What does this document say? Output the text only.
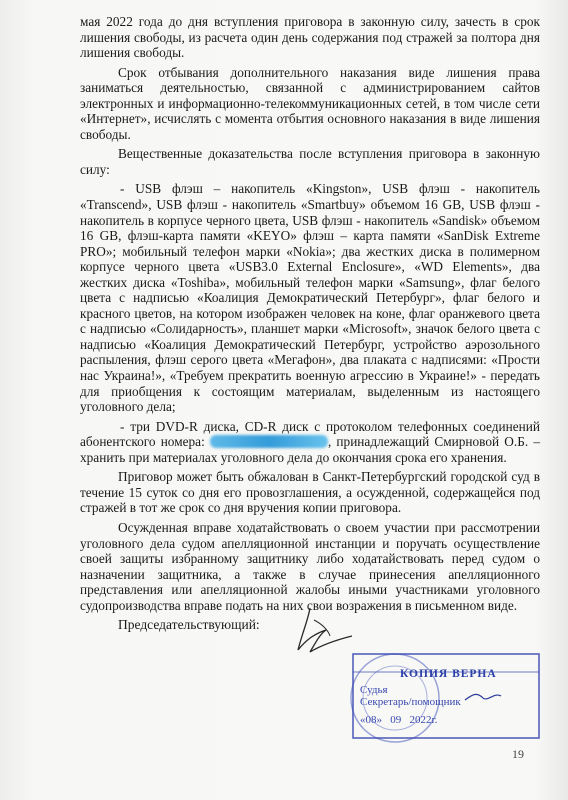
мая 2022 года до дня вступления приговора в законную силу, зачесть в срок лишения свободы, из расчета один день содержания под стражей за полтора дня лишения свободы.

Срок отбывания дополнительного наказания виде лишения права заниматься деятельностью, связанной с администрированием сайтов электронных и информационно-телекоммуникационных сетей, в том числе сети «Интернет», исчислять с момента отбытия основного наказания в виде лишения свободы.

Вещественные доказательства после вступления приговора в законную силу:

- USB флэш – накопитель «Kingston», USB флэш - накопитель «Transcend», USB флэш - накопитель «Smartbuy» объемом 16 GB, USB флэш - накопитель в корпусе черного цвета, USB флэш - накопитель «Sandisk» объемом 16 GB, флэш-карта памяти «KEYO» флэш – карта памяти «SanDisk Extreme PRO»; мобильный телефон марки «Nokia»; два жестких диска в полимерном корпусе черного цвета «USB3.0 External Enclosure», «WD Elements», два жестких диска «Toshiba», мобильный телефон марки «Samsung», флаг белого цвета с надписью «Коалиция Демократический Петербург», флаг белого и красного цветов, на котором изображен человек на коне, флаг оранжевого цвета с надписью «Солидарность», планшет марки «Microsoft», значок белого цвета с надписью «Коалиция Демократический Петербург, устройство аэрозольного распыления, флэш серого цвета «Мегафон», два плаката с надписями: «Прости нас Украина!», «Требуем прекратить военную агрессию в Украине!» - передать для приобщения к состоящим материалам, выделенным из настоящего уголовного дела;

- три DVD-R диска, CD-R диск с протоколом телефонных соединений абонентского номера:	, принадлежащий Смирновой О.Б. – хранить при материалах уголовного дела до окончания срока его хранения.

Приговор может быть обжалован в Санкт-Петербургский городской суд в течение 15 суток со дня его провозглашения, а осужденной, содержащейся под стражей в тот же срок со дня вручения копии приговора.

Осужденная вправе ходатайствовать о своем участии при рассмотрении уголовного дела судом апелляционной инстанции и поручать осуществление своей защиты избранному защитнику либо ходатайствовать перед судом о назначении защитника, а также в случае принесения апелляционного представления или апелляционной жалобы иными участниками уголовного судопроизводства вправе подать на них свои возражения в письменном виде.

Председательствующий:
КОПИЯ ВЕРНА
Судья
Секретарь/помощник
«08»   09 2022г.
19
